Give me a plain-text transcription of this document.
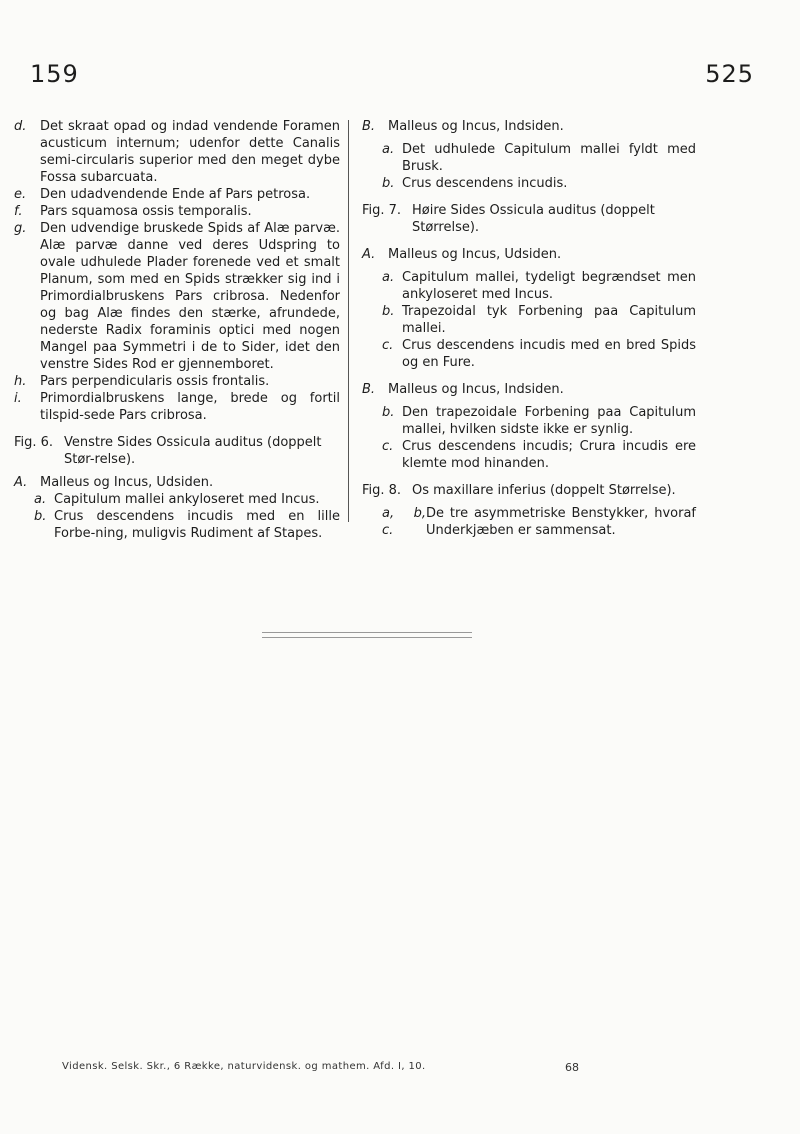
159	525
d.	Det skraat opad og indad vendende Foramen acusticum internum; udenfor dette Canalis semi-circularis superior med den meget dybe Fossa subarcuata.
e.	Den udadvendende Ende af Pars petrosa.
f.	Pars squamosa ossis temporalis.
g.	Den udvendige bruskede Spids af Alæ parvæ. Alæ parvæ danne ved deres Udspring to ovale udhulede Plader forenede ved et smalt Planum, som med en Spids strækker sig ind i Primordialbruskens Pars cribrosa. Nedenfor og bag Alæ findes den stærke, afrundede, nederste Radix foraminis optici med nogen Mangel paa Symmetri i de to Sider, idet den venstre Sides Rod er gjennemboret.
h.	Pars perpendicularis ossis frontalis.
i.	Primordialbruskens lange, brede og fortil tilspid-sede Pars cribrosa.
Fig. 6. Venstre Sides Ossicula auditus (doppelt Stør-relse).
A. Malleus og Incus, Udsiden.
a. Capitulum mallei ankyloseret med Incus.
b. Crus descendens incudis med en lille Forbe-ning, muligvis Rudiment af Stapes.
B. Malleus og Incus, Indsiden.
a. Det udhulede Capitulum mallei fyldt med Brusk.
b. Crus descendens incudis.
Fig. 7. Høire Sides Ossicula auditus (doppelt Størrelse).
A. Malleus og Incus, Udsiden.
a. Capitulum mallei, tydeligt begrændset men ankyloseret med Incus.
b. Trapezoidal tyk Forbening paa Capitulum mallei.
c. Crus descendens incudis med en bred Spids og en Fure.
B. Malleus og Incus, Indsiden.
b. Den trapezoidale Forbening paa Capitulum mallei, hvilken sidste ikke er synlig.
c. Crus descendens incudis; Crura incudis ere klemte mod hinanden.
Fig. 8. Os maxillare inferius (doppelt Størrelse).
a, b, c.
De tre asymmetriske Benstykker, hvoraf Underkjæben er sammensat.
Vidensk. Selsk. Skr., 6 Række, naturvidensk. og mathem. Afd. I, 10.	68
